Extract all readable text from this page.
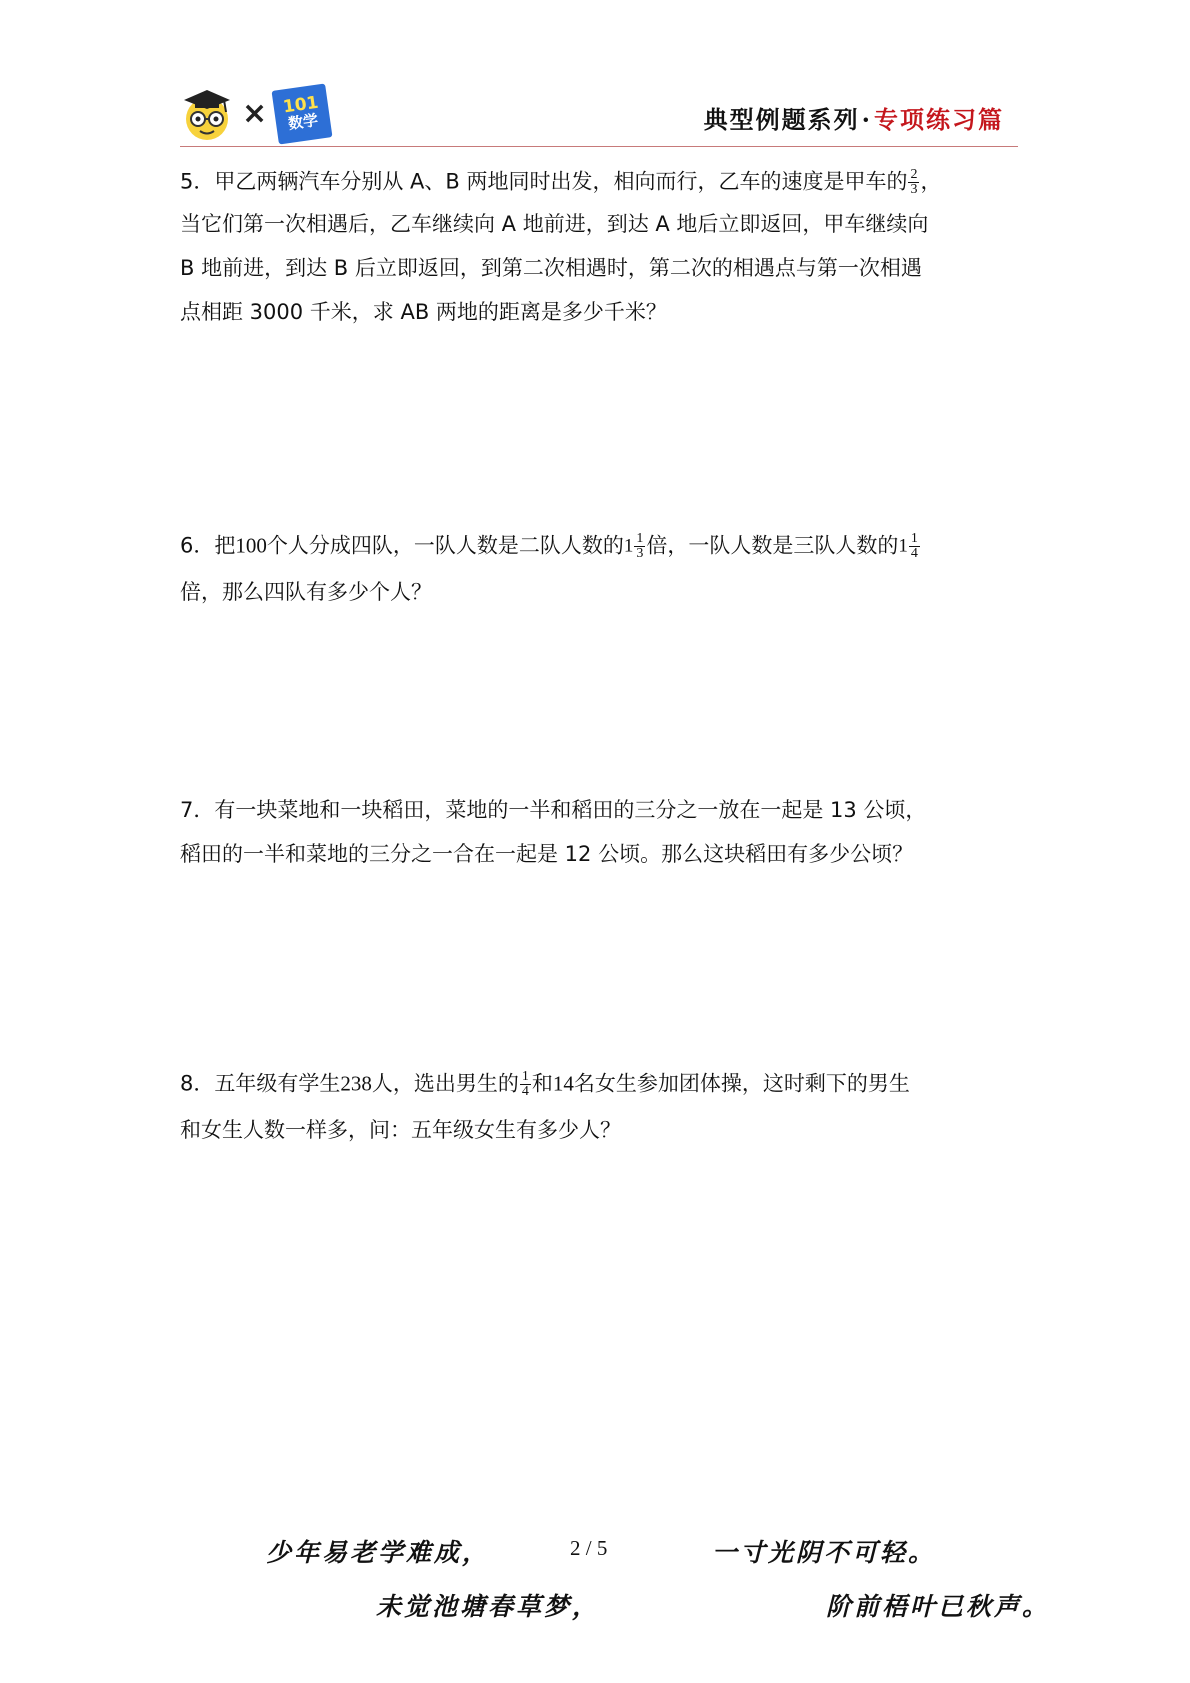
× 101
数学	典型例题系列·专项练习篇
5．甲乙两辆汽车分别从 A、B 两地同时出发，相向而行，乙车的速度是甲车的 $\frac{2}{3}$ ，
当它们第一次相遇后，乙车继续向 A 地前进，到达 A 地后立即返回，甲车继续向
B 地前进，到达 B 后立即返回，到第二次相遇时，第二次的相遇点与第一次相遇
点相距 3000 千米，求 AB 两地的距离是多少千米？
6．把100个人分成四队，一队人数是二队人数的$1 \frac{1}{3}$ 倍，一队人数是三队人数的$1 \frac{1}{4}$
倍，那么四队有多少个人？
7．有一块菜地和一块稻田，菜地的一半和稻田的三分之一放在一起是 13 公顷，
稻田的一半和菜地的三分之一合在一起是 12 公顷。那么这块稻田有多少公顷？
8．五年级有学生238人，选出男生的 $\frac{1}{4}$ 和14名女生参加团体操，这时剩下的男生
和女生人数一样多，问：五年级女生有多少人？
少年易老学难成，	2 / 5	一寸光阴不可轻。
未觉池塘春草梦，	阶前梧叶已秋声。
